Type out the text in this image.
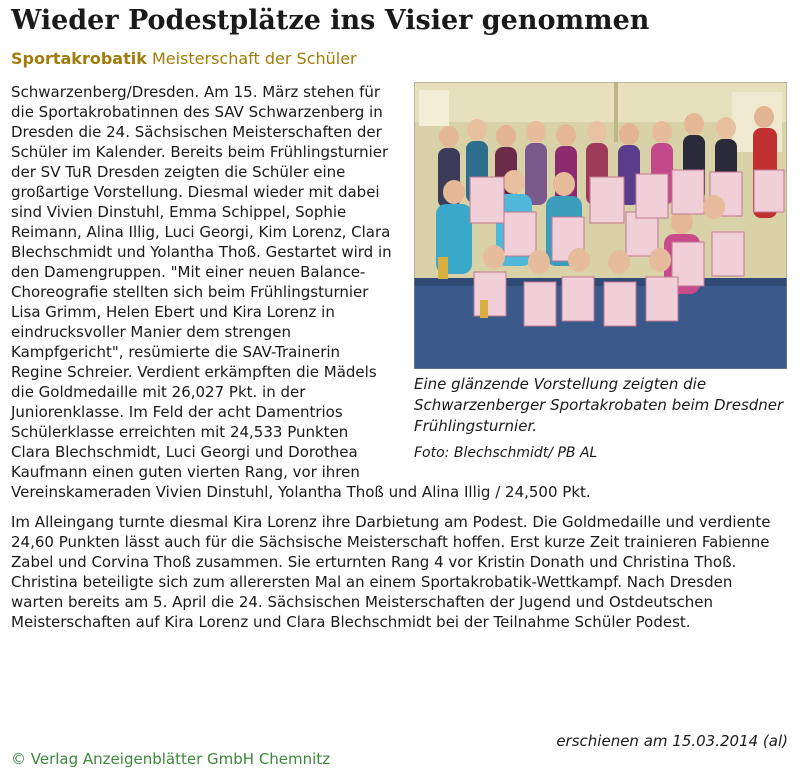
Wieder Podestplätze ins Visier genommen
Sportakrobatik Meisterschaft der Schüler
Eine glänzende Vorstellung zeigten die Schwarzenberger Sportakrobaten beim Dresdner Frühlingsturnier.
Foto: Blechschmidt/ PB AL

Schwarzenberg/Dresden. Am 15. März stehen für die Sportakrobatinnen des SAV Schwarzenberg in Dresden die 24. Sächsischen Meisterschaften der Schüler im Kalender. Bereits beim Frühlingsturnier der SV TuR Dresden zeigten die Schüler eine großartige Vorstellung. Diesmal wieder mit dabei sind Vivien Dinstuhl, Emma Schippel, Sophie Reimann, Alina Illig, Luci Georgi, Kim Lorenz, Clara Blechschmidt und Yolantha Thoß. Gestartet wird in den Damengruppen. "Mit einer neuen Balance-Choreografie stellten sich beim Frühlingsturnier Lisa Grimm, Helen Ebert und Kira Lorenz in eindrucksvoller Manier dem strengen Kampfgericht", resümierte die SAV-Trainerin Regine Schreier. Verdient erkämpften die Mädels die Goldmedaille mit 26,027 Pkt. in der Juniorenklasse. Im Feld der acht Damentrios Schülerklasse erreichten mit 24,533 Punkten Clara Blechschmidt, Luci Georgi und Dorothea Kaufmann einen guten vierten Rang, vor ihren Vereinskameraden Vivien Dinstuhl, Yolantha Thoß und Alina Illig / 24,500 Pkt.

Im Alleingang turnte diesmal Kira Lorenz ihre Darbietung am Podest. Die Goldmedaille und verdiente 24,60 Punkten lässt auch für die Sächsische Meisterschaft hoffen. Erst kurze Zeit trainieren Fabienne Zabel und Corvina Thoß zusammen. Sie erturnten Rang 4 vor Kristin Donath und Christina Thoß. Christina beteiligte sich zum allerersten Mal an einem Sportakrobatik-Wettkampf. Nach Dresden warten bereits am 5. April die 24. Sächsischen Meisterschaften der Jugend und Ostdeutschen Meisterschaften auf Kira Lorenz und Clara Blechschmidt bei der Teilnahme Schüler Podest.

erschienen am 15.03.2014 (al)
© Verlag Anzeigenblätter GmbH Chemnitz
